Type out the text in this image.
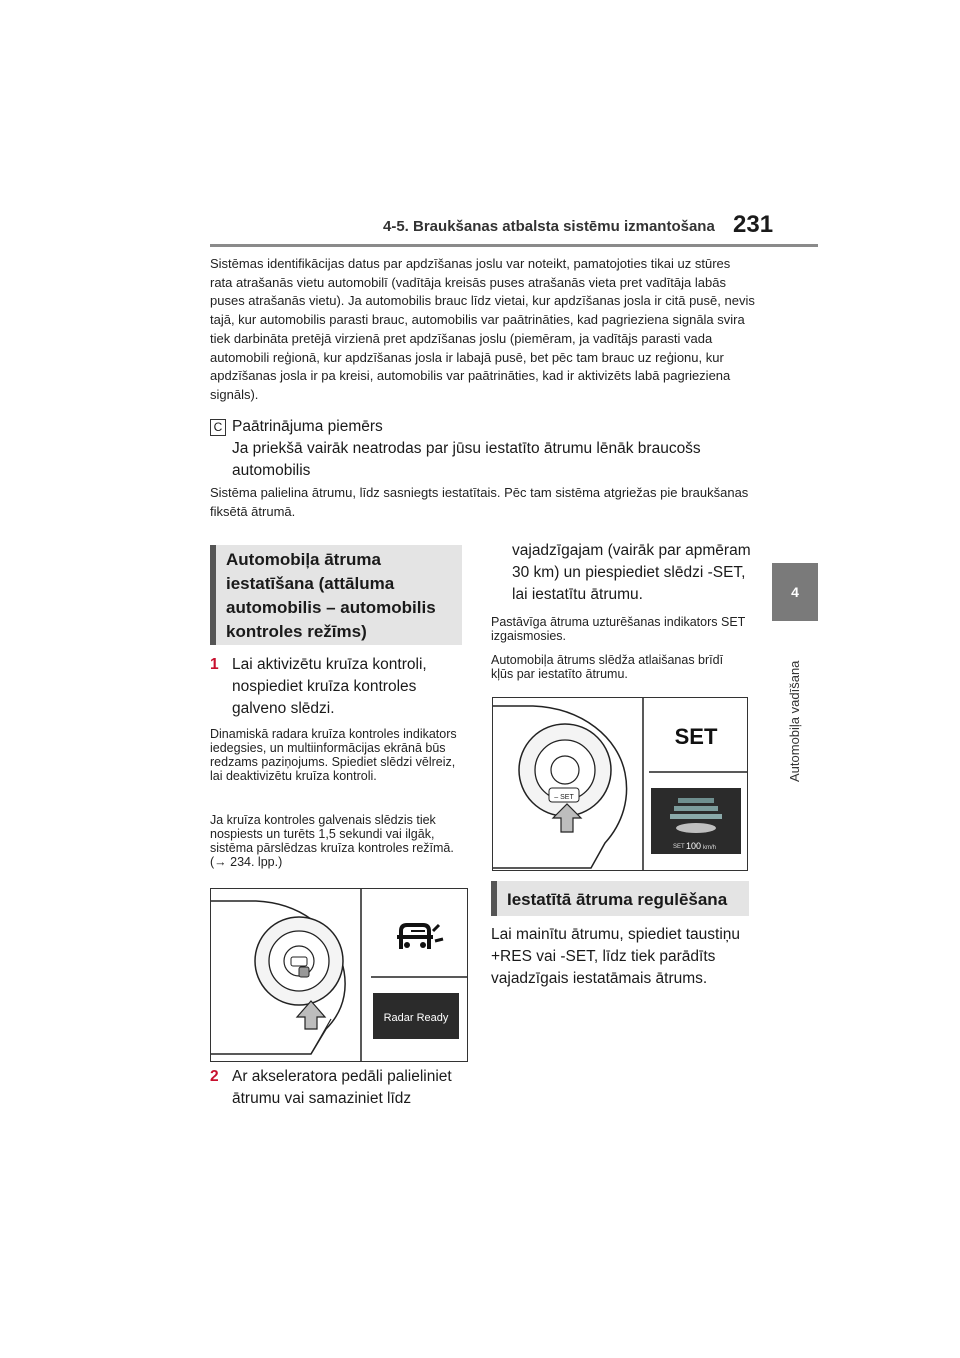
4-5. Braukšanas atbalsta sistēmu izmantošana 231
4
Automobiļa vadīšana
Sistēmas identifikācijas datus par apdzīšanas joslu var noteikt, pamatojoties tikai uz stūres rata atrašanās vietu automobilī (vadītāja kreisās puses atrašanās vieta pret vadītāja labās puses atrašanās vietu). Ja automobilis brauc līdz vietai, kur apdzīšanas josla ir citā pusē, nevis tajā, kur automobilis parasti brauc, automobilis var paātrināties, kad pagrieziena signāla svira tiek darbināta pretējā virzienā pret apdzīšanas joslu (piemēram, ja vadītājs parasti vada automobili reģionā, kur apdzīšanas josla ir labajā pusē, bet pēc tam brauc uz reģionu, kur apdzīšanas josla ir pa kreisi, automobilis var paātrināties, kad ir aktivizēts labā pagrieziena signāls).
C Paātrinājuma piemērs
Ja priekšā vairāk neatrodas par jūsu iestatīto ātrumu lēnāk braucošs automobilis
Sistēma palielina ātrumu, līdz sasniegts iestatītais. Pēc tam sistēma atgriežas pie braukšanas fiksētā ātrumā.
Automobiļa ātruma iestatīšana (attāluma automobilis – automobilis kontroles režīms)
1 Lai aktivizētu kruīza kontroli, nospiediet kruīza kontroles galveno slēdzi.
Dinamiskā radara kruīza kontroles indikators iedegsies, un multiinformācijas ekrānā būs redzams paziņojums. Spiediet slēdzi vēlreiz, lai deaktivizētu kruīza kontroli.
Ja kruīza kontroles galvenais slēdzis tiek nospiests un turēts 1,5 sekundi vai ilgāk, sistēma pārslēdzas kruīza kontroles režīmā. (→ 234. lpp.)
Radar Ready
2 Ar akseleratora pedāli palieliniet ātrumu vai samaziniet līdz
vajadzīgajam (vairāk par apmēram 30 km) un piespiediet slēdzi -SET, lai iestatītu ātrumu.
Pastāvīga ātruma uzturēšanas indikators SET izgaismosies.
Automobiļa ātrums slēdža atlaišanas brīdī kļūs par iestatīto ātrumu.
– SET
SET
SET 100 km/h
Iestatītā ātruma regulēšana
Lai mainītu ātrumu, spiediet taustiņu +RES vai -SET, līdz tiek parādīts vajadzīgais iestatāmais ātrums.
